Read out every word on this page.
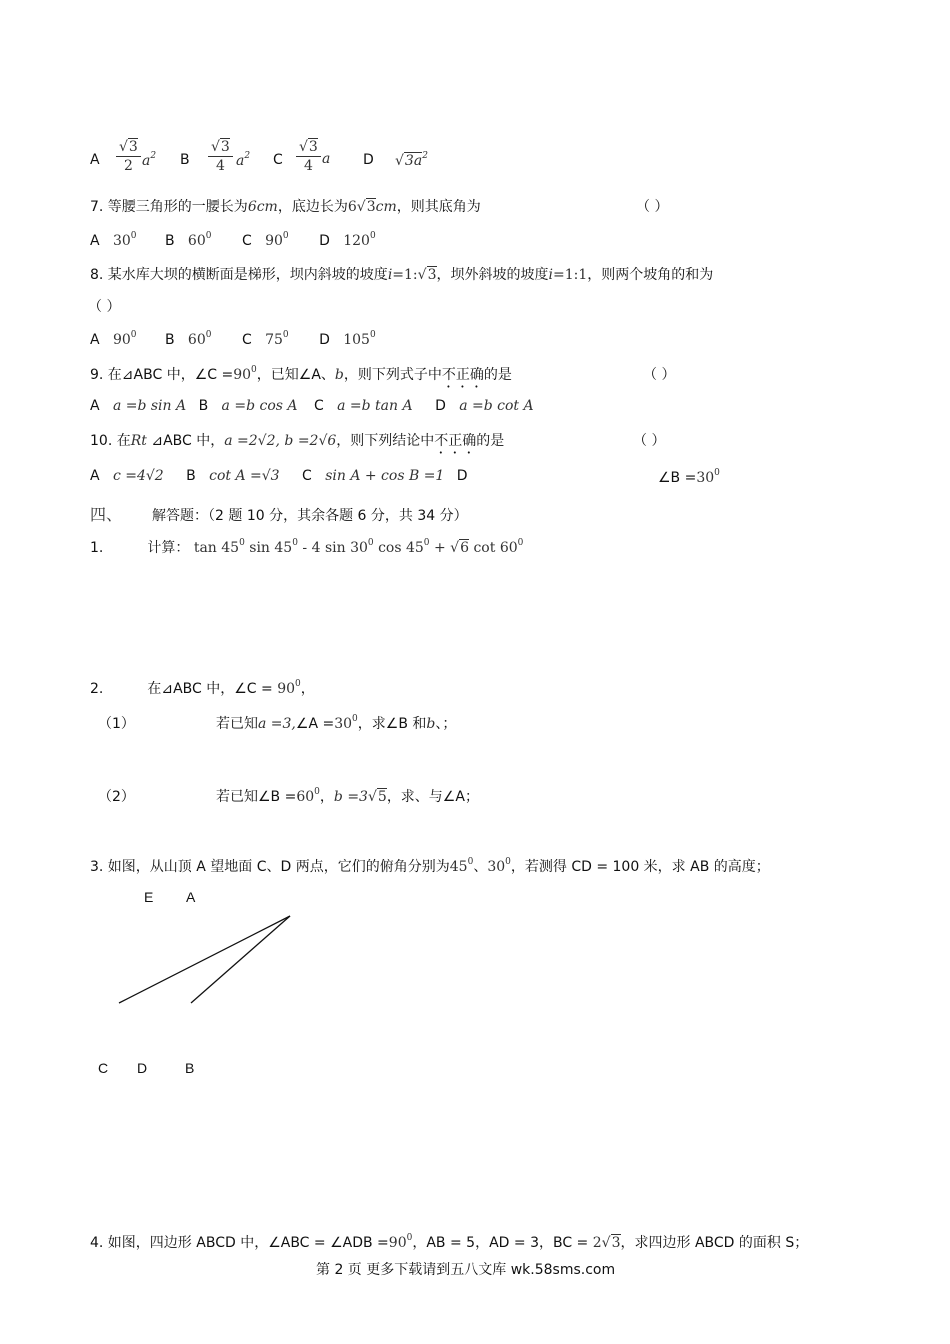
A $\frac{√3}{2} a^2$ B $\frac{√3}{4} a^2$ C $\frac{√3}{4}$ a D $√3a^2$
7. 等腰三角形的一腰长为6cm，底边长为6√3cm，则其底角为	（ ）
A $30^0$ B $60^0$ C $90^0$ D $120^0$
8. 某水库大坝的横断面是梯形，坝内斜坡的坡度i=1:√3，坝外斜坡的坡度i=1:1，则两个坡角的和为
（ ）
A $90^0$ B $60^0$ C $75^0$ D $105^0$
9. 在⊿ABC 中，∠C $=90^0$，已知∠A、b，则下列式子中不正确的是	（ ）
A a =b sin A B a =b cos A C a =b tan A D a =b cot A
10. 在Rt ⊿ABC 中，a =2√2, b =2√6，则下列结论中不正确的是	（ ）
A c =4√2 B cot A =√3 C sin A + cos B =1 D	∠B $=30^0$
四、 解答题：（2 题 10 分，其余各题 6 分，共 34 分）
1.	计算： $\tan 45^0$ $\sin 45^0 - 4$ $\sin 30^0$ $\cos 45^0 + √6$ $\cot 60^0$
2.	在⊿ABC 中，∠C = $90^0$，
（1）	若已知a =3,∠A $=30^0$，求∠B 和b、；
（2）	若已知∠B $=60^0$，b =3√5，求、与∠A；
3. 如图，从山顶 A 望地面 C、D 两点，它们的俯角分别为$45^0$、$30^0$，若测得 CD = 100 米，求 AB 的高度；
E A
C D	B
4. 如图，四边形 ABCD 中，∠ABC = ∠ADB $=90^0$，AB = 5，AD = 3，BC = 2√3，求四边形 ABCD 的面积 S；
第 2 页 更多下载请到五八文库 wk.58sms.com
